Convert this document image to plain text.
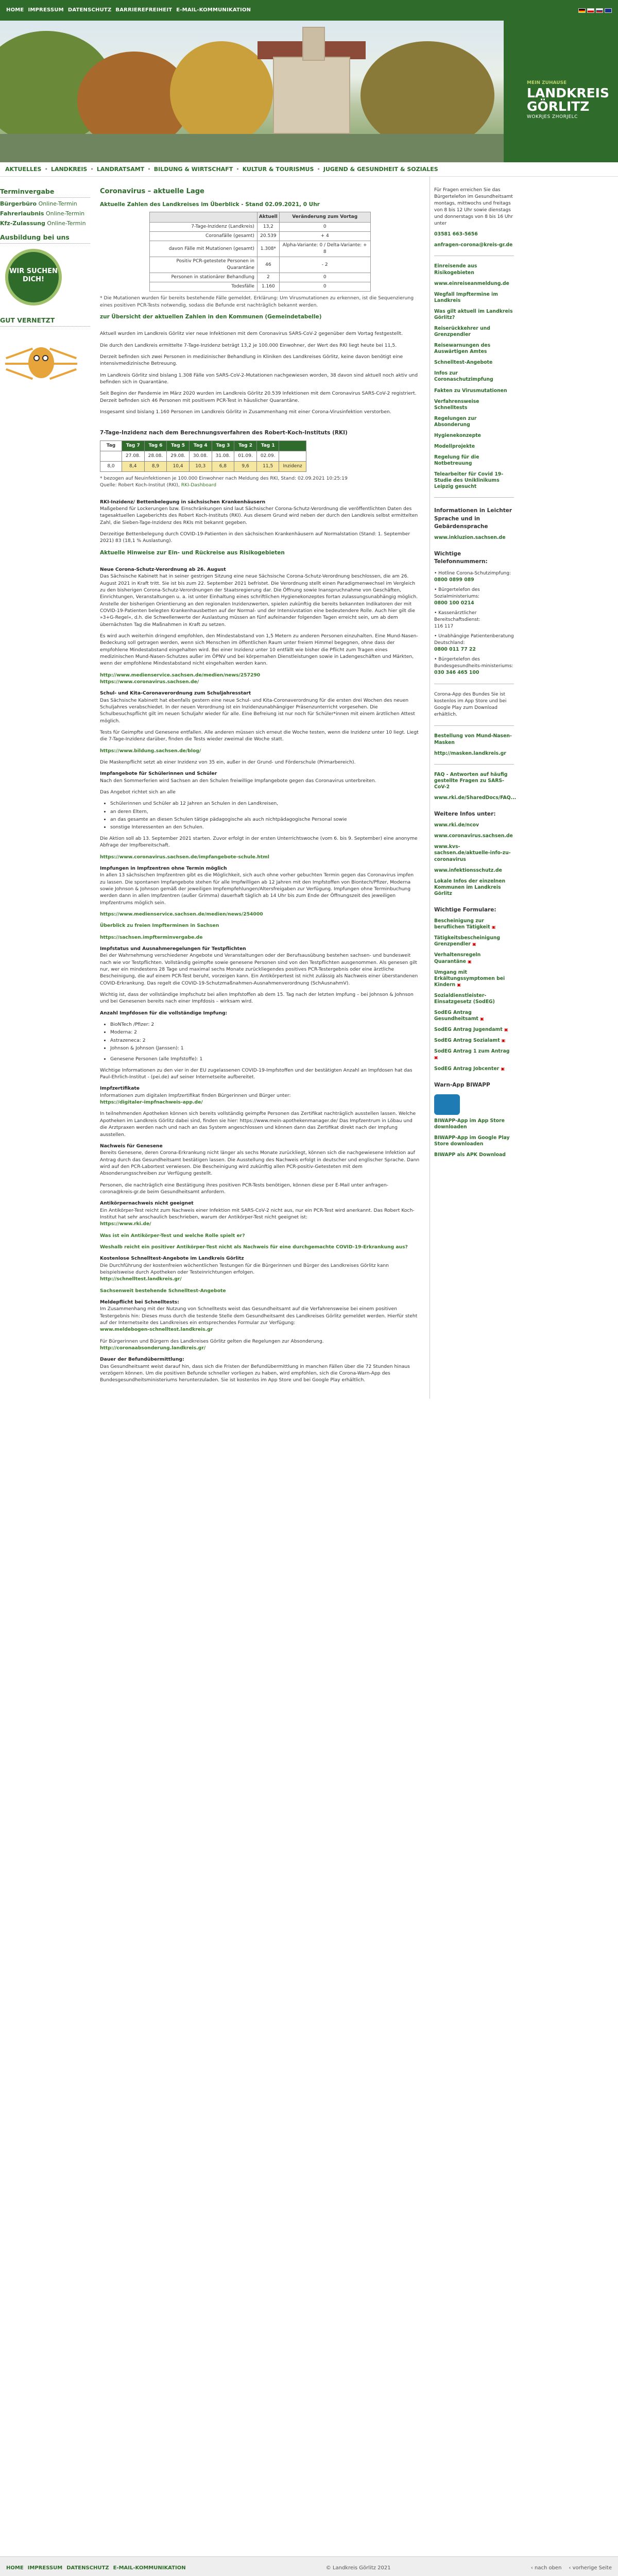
HOME IMPRESSUM DATENSCHUTZ BARRIEREFREIHEIT E-MAIL-KOMMUNIKATION
MEIN ZUHAUSE
LANDKREIS
GÖRLITZ
WOKRJES ZHORJELC
AKTUELLES • LANDKREIS • LANDRATSAMT • BILDUNG & WIRTSCHAFT • KULTUR & TOURISMUS • JUGEND & GESUNDHEIT & SOZIALES
Terminvergabe
Bürgerbüro Online-Termin
Fahrerlaubnis Online-Termin
Kfz-Zulassung Online-Termin
Ausbildung bei uns
WIR SUCHEN DICH!
GUT VERNETZT
Coronavirus – aktuelle Lage
Aktuelle Zahlen des Landkreises im Überblick - Stand 02.09.2021, 0 Uhr
	Aktuell	Veränderung zum Vortag
7-Tage-Inzidenz (Landkreis)	13,2	0
Coronafälle (gesamt)	20.539	+ 4
davon Fälle mit Mutationen (gesamt)	1.308*	Alpha-Variante: 0 / Delta-Variante: + 8
Positiv PCR-getestete Personen in Quarantäne	46	- 2
Personen in stationärer Behandlung	2	0
Todesfälle	1.160	0

* Die Mutationen wurden für bereits bestehende Fälle gemeldet. Erklärung: Um Virusmutationen zu erkennen, ist die Sequenzierung eines positiven PCR-Tests notwendig, sodass die Befunde erst nachträglich bekannt werden.

zur Übersicht der aktuellen Zahlen in den Kommunen (Gemeindetabelle)

Aktuell wurden im Landkreis Görlitz vier neue Infektionen mit dem Coronavirus SARS-CoV-2 gegenüber dem Vortag festgestellt.

Die durch den Landkreis ermittelte 7-Tage-Inzidenz beträgt 13,2 je 100.000 Einwohner, der Wert des RKI liegt heute bei 11,5.

Derzeit befinden sich zwei Personen in medizinischer Behandlung in Kliniken des Landkreises Görlitz, keine davon benötigt eine intensivmedizinische Betreuung.

Im Landkreis Görlitz sind bislang 1.308 Fälle von SARS-CoV-2-Mutationen nachgewiesen worden, 38 davon sind aktuell noch aktiv und befinden sich in Quarantäne.

Seit Beginn der Pandemie im März 2020 wurden im Landkreis Görlitz 20.539 Infektionen mit dem Coronavirus SARS-CoV-2 registriert. Derzeit befinden sich 46 Personen mit positivem PCR-Test in häuslicher Quarantäne.

Insgesamt sind bislang 1.160 Personen im Landkreis Görlitz in Zusammenhang mit einer Corona-Virusinfektion verstorben.

7-Tage-Inzidenz nach dem Berechnungsverfahren des Robert-Koch-Instituts (RKI)
Tag	Tag 7	Tag 6	Tag 5	Tag 4	Tag 3	Tag 2	Tag 1	
	27.08.	28.08.	29.08.	30.08.	31.08.	01.09.	02.09.	
8,0	8,4	8,9	10,4	10,3	6,8	9,6	11,5	Inzidenz

* bezogen auf Neuinfektionen je 100.000 Einwohner nach Meldung des RKI, Stand: 02.09.2021 10:25:19
Quelle: Robert Koch-Institut (RKI), RKI-Dashboard

RKI-Inzidenz/ Bettenbelegung in sächsischen Krankenhäusern
Maßgebend für Lockerungen bzw. Einschränkungen sind laut Sächsischer Corona-Schutz-Verordnung die veröffentlichten Daten des tagesaktuellen Lageberichts des Robert Koch-Instituts (RKI). Aus diesem Grund wird neben der durch den Landkreis selbst ermittelten Zahl, die Sieben-Tage-Inzidenz des RKIs mit bekannt gegeben.

Derzeitige Bettenbelegung durch COVID-19-Patienten in den sächsischen Krankenhäusern auf Normalstation (Stand: 1. September 2021) 83 (18,1 % Auslastung).

Aktuelle Hinweise zur Ein- und Rückreise aus Risikogebieten

Neue Corona-Schutz-Verordnung ab 26. August
Das Sächsische Kabinett hat in seiner gestrigen Sitzung eine neue Sächsische Corona-Schutz-Verordnung beschlossen, die am 26. August 2021 in Kraft tritt. Sie ist bis zum 22. September 2021 befristet. Die Verordnung stellt einen Paradigmenwechsel im Vergleich zu den bisherigen Corona-Schutz-Verordnungen der Staatsregierung dar. Die Öffnung sowie Inanspruchnahme von Geschäften, Einrichtungen, Veranstaltungen u. a. ist unter Einhaltung eines schriftlichen Hygienekonzeptes fortan zulassungsunabhängig möglich. Anstelle der bisherigen Orientierung an den regionalen Inzidenzwerten, spielen zukünftig die bereits bekannten Indikatoren der mit COVID-19-Patienten belegten Krankenhausbetten auf der Normal- und der Intensivstation eine bedeutendere Rolle. Auch hier gilt die »3+G-Regel«, d.h. die Schwellenwerte der Auslastung müssen an fünf aufeinander folgenden Tagen erreicht sein, um ab dem übernächsten Tag die Maßnahmen in Kraft zu setzen.

Es wird auch weiterhin dringend empfohlen, den Mindestabstand von 1,5 Metern zu anderen Personen einzuhalten. Eine Mund-Nasen-Bedeckung soll getragen werden, wenn sich Menschen im öffentlichen Raum unter freiem Himmel begegnen, ohne dass der empfohlene Mindestabstand eingehalten wird. Bei einer Inzidenz unter 10 entfällt wie bisher die Pflicht zum Tragen eines medizinischen Mund-Nasen-Schutzes außer im ÖPNV und bei körpernahen Dienstleistungen sowie in Ladengeschäften und Märkten, wenn der empfohlene Mindestabstand nicht eingehalten werden kann.

http://www.medienservice.sachsen.de/medien/news/257290
https://www.coronavirus.sachsen.de/

Schul- und Kita-Coronaverordnung zum Schuljahresstart
Das Sächsische Kabinett hat ebenfalls gestern eine neue Schul- und Kita-Coronaverordnung für die ersten drei Wochen des neuen Schuljahres verabschiedet. In der neuen Verordnung ist ein Inzidenzunabhängiger Präsenzunterricht vorgesehen. Die Schulbesuchspflicht gilt im neuen Schuljahr wieder für alle. Eine Befreiung ist nur noch für Schüler*innen mit einem ärztlichen Attest möglich.

Tests für Geimpfte und Genesene entfallen. Alle anderen müssen sich erneut die Woche testen, wenn die Inzidenz unter 10 liegt. Liegt die 7-Tage-Inzidenz darüber, finden die Tests wieder zweimal die Woche statt.

https://www.bildung.sachsen.de/blog/

Die Maskenpflicht setzt ab einer Inzidenz von 35 ein, außer in der Grund- und Förderschule (Primarbereich).

Impfangebote für Schülerinnen und Schüler
Nach den Sommerferien wird Sachsen an den Schulen freiwillige Impfangebote gegen das Coronavirus unterbreiten.

Das Angebot richtet sich an alle

• Schülerinnen und Schüler ab 12 Jahren an Schulen in den Landkreisen,
• an deren Eltern,
• an das gesamte an diesen Schulen tätige pädagogische als auch nichtpädagogische Personal sowie
• sonstige Interessenten an den Schulen.

Die Aktion soll ab 13. September 2021 starten. Zuvor erfolgt in der ersten Unterrichtswoche (vom 6. bis 9. September) eine anonyme Abfrage der Impfbereitschaft.

https://www.coronavirus.sachsen.de/impfangebote-schule.html

Impfungen in Impfzentren ohne Termin möglich
In allen 13 sächsischen Impfzentren gibt es die Möglichkeit, sich auch ohne vorher gebuchten Termin gegen das Coronavirus impfen zu lassen. Die spontanen Impfangebote stehen für alle Impfwilligen ab 12 Jahren mit den Impfstoffen von Biontech/Pfizer, Moderna sowie Johnson & Johnson gemäß der jeweiligen Impfempfehlungen/Altersfreigaben zur Verfügung. Impfungen ohne Terminbuchung werden dann in allen Impfzentren (außer Grimma) dauerhaft täglich ab 14 Uhr bis zum Ende der Öffnungszeit des jeweiligen Impfzentrums möglich sein.

https://www.medienservice.sachsen.de/medien/news/254000

Überblick zu freien Impfterminen in Sachsen

https://sachsen.impfterminvergabe.de

Impfstatus und Ausnahmeregelungen für Testpflichten
Bei der Wahrnehmung verschiedener Angebote und Veranstaltungen oder der Berufsausübung bestehen sachsen- und bundesweit nach wie vor Testpflichten. Vollständig geimpfte sowie genesene Personen sind von den Testpflichten ausgenommen. Als genesen gilt nur, wer ein mindestens 28 Tage und maximal sechs Monate zurückliegendes positives PCR-Testergebnis oder eine ärztliche Bescheinigung, die auf einem PCR-Test beruht, vorzeigen kann. Ein Antikörpertest ist nicht zulässig als Nachweis einer überstandenen COVID-Erkrankung. Das regelt die COVID-19-Schutzmaßnahmen-Ausnahmenverordnung (SchAusnahmV).

Wichtig ist, dass der vollständige Impfschutz bei allen Impfstoffen ab dem 15. Tag nach der letzten Impfung – bei Johnson & Johnson und bei Genesenen bereits nach einer Impfdosis – wirksam wird.

Anzahl Impfdosen für die vollständige Impfung:

• BioNTech /Pfizer: 2
• Moderna: 2
• Astrazeneca: 2
• Johnson & Johnson (Janssen): 1
• Genesene Personen (alle Impfstoffe): 1

Wichtige Informationen zu den vier in der EU zugelassenen COVID-19-Impfstoffen und der bestätigten Anzahl an Impfdosen hat das Paul-Ehrlich-Institut - (pei.de) auf seiner Internetseite aufbereitet.

Impfzertifikate
Informationen zum digitalen Impfzertifikat finden Bürgerinnen und Bürger unter:
https://digitaler-impfnachweis-app.de/

In teilnehmenden Apotheken können sich bereits vollständig geimpfte Personen das Zertifikat nachträglich ausstellen lassen. Welche Apotheken im Landkreis Görlitz dabei sind, finden sie hier: https://www.mein-apothekenmanager.de/ Das Impfzentrum in Löbau und die Arztpraxen werden nach und nach an das System angeschlossen und können dann das Zertifikat direkt nach der Impfung ausstellen.

Nachweis für Genesene
Bereits Genesene, deren Corona-Erkrankung nicht länger als sechs Monate zurückliegt, können sich die nachgewiesene Infektion auf Antrag durch das Gesundheitsamt bestätigen lassen. Die Ausstellung des Nachweis erfolgt in deutscher und englischer Sprache. Dann wird auf den PCR-Labortest verwiesen. Die Bescheinigung wird zukünftig allen PCR-positiv-Getesteten mit dem Absonderungsschreiben zur Verfügung gestellt.

Personen, die nachträglich eine Bestätigung ihres positiven PCR-Tests benötigen, können diese per E-Mail unter anfragen-corona@kreis-gr.de beim Gesundheitsamt anfordern.

Antikörpernachweis nicht geeignet
Ein Antikörper-Test reicht zum Nachweis einer Infektion mit SARS-CoV-2 nicht aus, nur ein PCR-Test wird anerkannt. Das Robert Koch-Institut hat sehr anschaulich beschrieben, warum der Antikörper-Test nicht geeignet ist:
https://www.rki.de/

Was ist ein Antikörper-Test und welche Rolle spielt er?

Weshalb reicht ein positiver Antikörper-Test nicht als Nachweis für eine durchgemachte COVID-19-Erkrankung aus?

Kostenlose Schnelltest-Angebote im Landkreis Görlitz
Die Durchführung der kostenfreien wöchentlichen Testungen für die Bürgerinnen und Bürger des Landkreises Görlitz kann beispielsweise durch Apotheken oder Testeinrichtungen erfolgen.
http://schnelltest.landkreis.gr/

Sachsenweit bestehende Schnelltest-Angebote

Meldepflicht bei Schnelltests:
Im Zusammenhang mit der Nutzung von Schnelltests weist das Gesundheitsamt auf die Verfahrensweise bei einem positiven Testergebnis hin: Dieses muss durch die testende Stelle dem Gesundheitsamt des Landkreises Görlitz gemeldet werden. Hierfür steht auf der Internetseite des Landkreises ein entsprechendes Formular zur Verfügung:
www.meldebogen-schnelltest.landkreis.gr

Für Bürgerinnen und Bürgern des Landkreises Görlitz gelten die Regelungen zur Absonderung.
http://coronaabsonderung.landkreis.gr/

Dauer der Befundübermittlung:
Das Gesundheitsamt weist darauf hin, dass sich die Fristen der Befundübermittlung in manchen Fällen über die 72 Stunden hinaus verzögern können. Um die positiven Befunde schneller vorliegen zu haben, wird empfohlen, sich die Corona-Warn-App des Bundesgesundheitsministeriums herunterzuladen. Sie ist kostenlos im App Store und bei Google Play erhältlich.

Für Fragen erreichen Sie das Bürgertelefon im Gesundheitsamt montags, mittwochs und freitags von 8 bis 12 Uhr sowie dienstags und donnerstags von 8 bis 16 Uhr unter

03581 663-5656

anfragen-corona@kreis-gr.de

Einreisende aus Risikogebieten

www.einreiseanmeldung.de

Wegfall Impftermine im Landkreis

Was gilt aktuell im Landkreis Görlitz?

Reiserückkehrer und Grenzpendler

Reisewarnungen des Auswärtigen Amtes

Schnelltest-Angebote

Infos zur Coronaschutzimpfung

Fakten zu Virusmutationen

Verfahrensweise Schnelltests

Regelungen zur Absonderung

Hygienekonzepte

Modellprojekte

Regelung für die Notbetreuung

Telearbeiter für Covid 19-Studie des Uniklinikums Leipzig gesucht

Informationen in Leichter Sprache und in Gebärdensprache

www.inkluzion.sachsen.de

Wichtige Telefonnummern:

• Hotline Corona-Schutzimpfung:
0800 0899 089

• Bürgertelefon des Sozialministeriums:
0800 100 0214

• Kassenärztlicher Bereitschaftsdienst:
116 117

• Unabhängige Patientenberatung Deutschland:
0800 011 77 22

• Bürgertelefon des Bundesgesundheits-ministeriums:
030 346 465 100

Corona-App des Bundes Sie ist kostenlos im App Store und bei Google Play zum Download erhältlich.

Bestellung von Mund-Nasen-Masken

http://masken.landkreis.gr

FAQ - Antworten auf häufig gestellte Fragen zu SARS-CoV-2

www.rki.de/SharedDocs/FAQ...

Weitere Infos unter:

www.rki.de/ncov

www.coronavirus.sachsen.de

www.kvs-sachsen.de/aktuelle-info-zu-coronavirus

www.infektionsschutz.de

Lokale Infos der einzelnen Kommunen im Landkreis Görlitz

Wichtige Formulare:

Bescheinigung zur beruflichen Tätigkeit ▣

Tätigkeitsbescheinigung Grenzpendler ▣

Verhaltensregeln Quarantäne ▣

Umgang mit Erkältungssymptomen bei Kindern ▣

Sozialdienstleister-Einsatzgesetz (SodEG)

SodEG Antrag Gesundheitsamt ▣

SodEG Antrag Jugendamt ▣

SodEG Antrag Sozialamt ▣

SodEG Antrag 1 zum Antrag ▣

SodEG Antrag Jobcenter ▣

Warn-App BIWAPP

BIWAPP-App im App Store downloaden

BIWAPP-App im Google Play Store downloaden

BIWAPP als APK Download

HOME IMPRESSUM DATENSCHUTZ E-MAIL-KOMMUNIKATION	© Landkreis Görlitz 2021	‹ nach oben ‹ vorherige Seite
